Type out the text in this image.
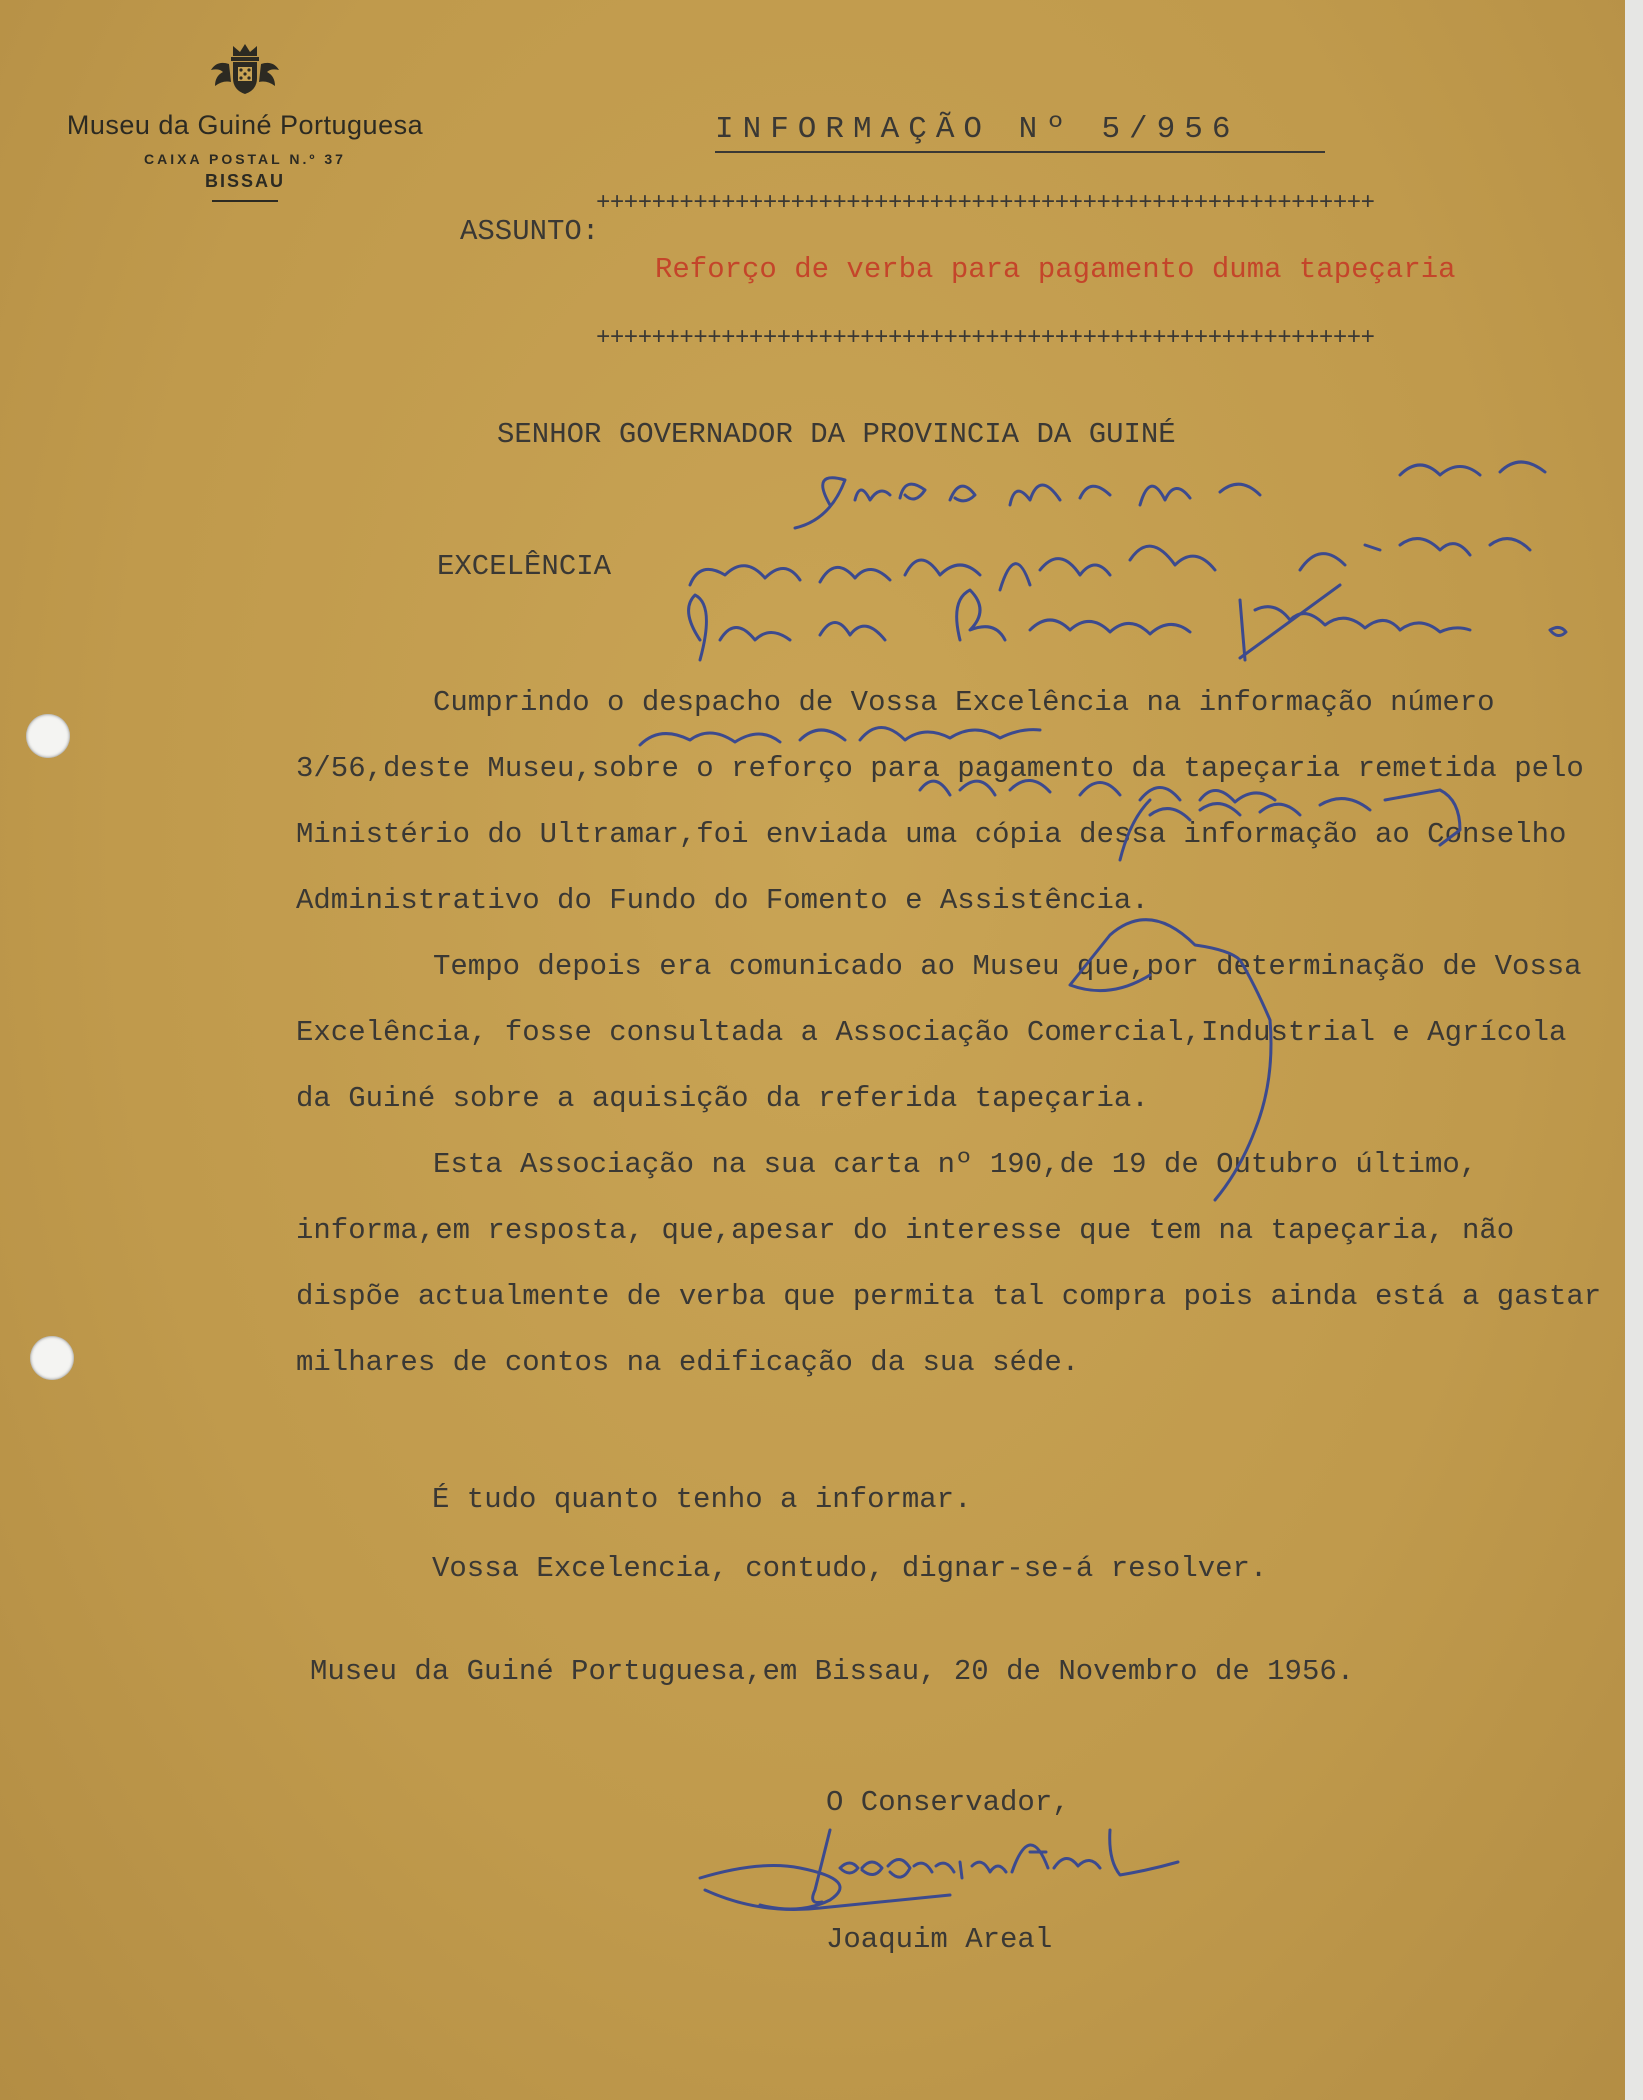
Museu da Guiné Portuguesa
CAIXA POSTAL N.º 37
BISSAU
INFORMAÇÃO Nº 5/956
++++++++++++++++++++++++++++++++++++++++++++++++++++++++
ASSUNTO:
Reforço de verba para pagamento duma tapeçaria
++++++++++++++++++++++++++++++++++++++++++++++++++++++++
SENHOR GOVERNADOR DA PROVINCIA DA GUINÉ
EXCELÊNCIA

Cumprindo o despacho de Vossa Excelência na informação número 3/56,deste Museu,sobre o reforço para pagamento da tapeçaria remetida pelo Ministério do Ultramar,foi enviada uma cópia dessa informação ao Conselho Administrativo do Fundo do Fomento e Assistência.

Tempo depois era comunicado ao Museu que,por determinação de Vossa Excelência, fosse consultada a Associação Comercial,Industrial e Agrícola da Guiné sobre a aquisição da referida tapeçaria.

Esta Associação na sua carta nº 190,de 19 de Outubro último, informa,em resposta, que,apesar do interesse que tem na tapeçaria, não dispõe actualmente de verba que permita tal compra pois ainda está a gastar milhares de contos na edificação da sua séde.

É tudo quanto tenho a informar.
Vossa Excelencia, contudo, dignar-se-á resolver.
Museu da Guiné Portuguesa,em Bissau, 20 de Novembro de 1956.
O Conservador,
Joaquim Areal
